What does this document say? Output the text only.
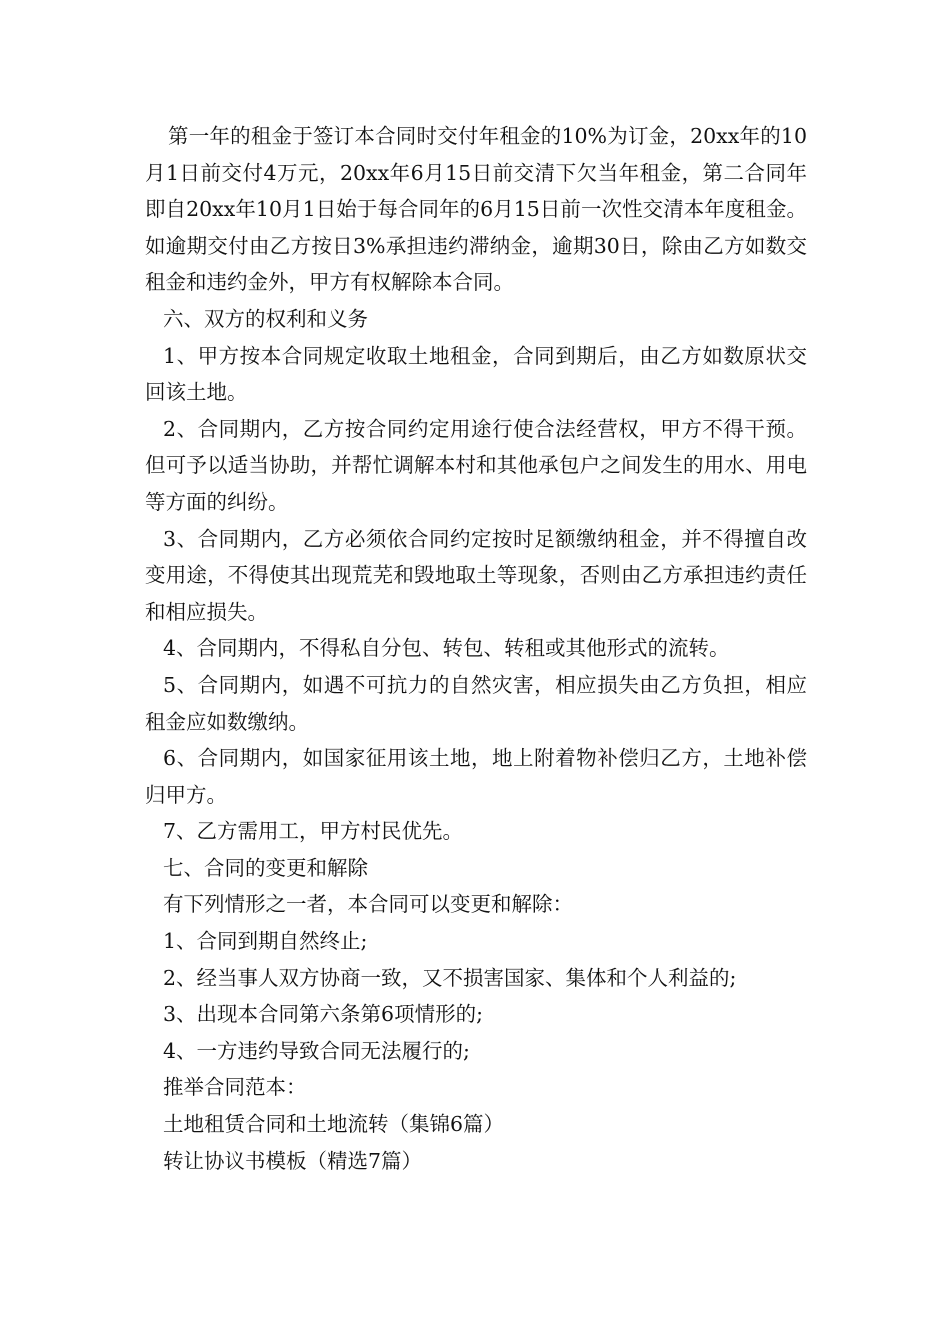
第一年的租金于签订本合同时交付年租金的10%为订金，20xx年的10月1日前交付4万元，20xx年6月15日前交清下欠当年租金，第二合同年即自20xx年10月1日始于每合同年的6月15日前一次性交清本年度租金。如逾期交付由乙方按日3%承担违约滞纳金，逾期30日，除由乙方如数交租金和违约金外，甲方有权解除本合同。

六、双方的权利和义务

1、甲方按本合同规定收取土地租金，合同到期后，由乙方如数原状交回该土地。

2、合同期内，乙方按合同约定用途行使合法经营权，甲方不得干预。但可予以适当协助，并帮忙调解本村和其他承包户之间发生的用水、用电等方面的纠纷。

3、合同期内，乙方必须依合同约定按时足额缴纳租金，并不得擅自改变用途，不得使其出现荒芜和毁地取土等现象，否则由乙方承担违约责任和相应损失。

4、合同期内，不得私自分包、转包、转租或其他形式的流转。

5、合同期内，如遇不可抗力的自然灾害，相应损失由乙方负担，相应租金应如数缴纳。

6、合同期内，如国家征用该土地，地上附着物补偿归乙方，土地补偿归甲方。

7、乙方需用工，甲方村民优先。

七、合同的变更和解除

有下列情形之一者，本合同可以变更和解除：

1、合同到期自然终止;

2、经当事人双方协商一致，又不损害国家、集体和个人利益的;

3、出现本合同第六条第6项情形的;

4、一方违约导致合同无法履行的;

推举合同范本：

土地租赁合同和土地流转（集锦6篇）

转让协议书模板（精选7篇）
